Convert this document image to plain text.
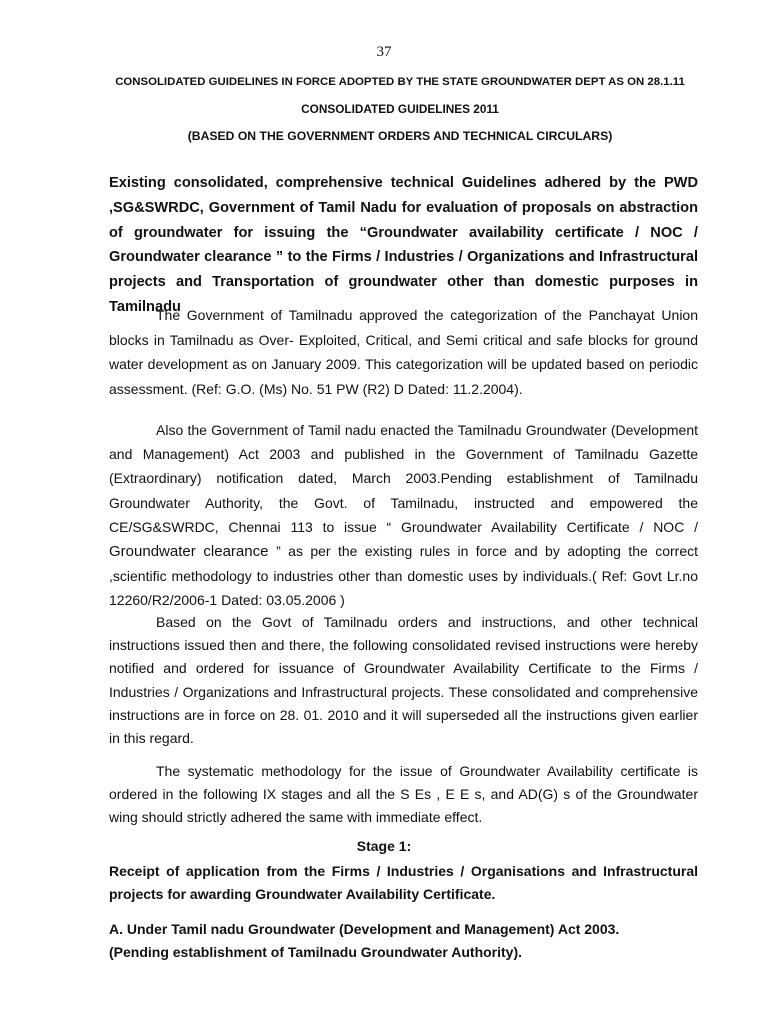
37
CONSOLIDATED GUIDELINES IN FORCE ADOPTED BY THE STATE GROUNDWATER DEPT AS ON 28.1.11
CONSOLIDATED GUIDELINES 2011
(BASED ON THE GOVERNMENT ORDERS AND TECHNICAL CIRCULARS)

Existing consolidated, comprehensive technical Guidelines adhered by the PWD ,SG&SWRDC, Government of Tamil Nadu for evaluation of proposals on abstraction of groundwater for issuing the “Groundwater availability certificate / NOC / Groundwater clearance ” to the Firms / Industries / Organizations and Infrastructural projects and Transportation of groundwater other than domestic purposes in Tamilnadu

The Government of Tamilnadu approved the categorization of the Panchayat Union blocks in Tamilnadu as Over- Exploited, Critical, and Semi critical and safe blocks for ground water development as on January 2009. This categorization will be updated based on periodic assessment. (Ref: G.O. (Ms) No. 51 PW (R2) D Dated: 11.2.2004).

Also the Government of Tamil nadu enacted the Tamilnadu Groundwater (Development and Management) Act 2003 and published in the Government of Tamilnadu Gazette (Extraordinary) notification dated, March 2003.Pending establishment of Tamilnadu Groundwater Authority, the Govt. of Tamilnadu, instructed and empowered the CE/SG&SWRDC, Chennai 113 to issue “ Groundwater Availability Certificate / NOC / Groundwater clearance ” as per the existing rules in force and by adopting the correct ,scientific methodology to industries other than domestic uses by individuals.( Ref: Govt Lr.no 12260/R2/2006-1 Dated: 03.05.2006 )

Based on the Govt of Tamilnadu orders and instructions, and other technical instructions issued then and there, the following consolidated revised instructions were hereby notified and ordered for issuance of Groundwater Availability Certificate to the Firms / Industries / Organizations and Infrastructural projects. These consolidated and comprehensive instructions are in force on 28. 01. 2010 and it will superseded all the instructions given earlier in this regard.

The systematic methodology for the issue of Groundwater Availability certificate is ordered in the following IX stages and all the S Es , E E s, and AD(G) s of the Groundwater wing should strictly adhered the same with immediate effect.

Stage 1:

Receipt of application from the Firms / Industries / Organisations and Infrastructural projects for awarding Groundwater Availability Certificate.

A. Under Tamil nadu Groundwater (Development and Management) Act 2003.
(Pending establishment of Tamilnadu Groundwater Authority).
